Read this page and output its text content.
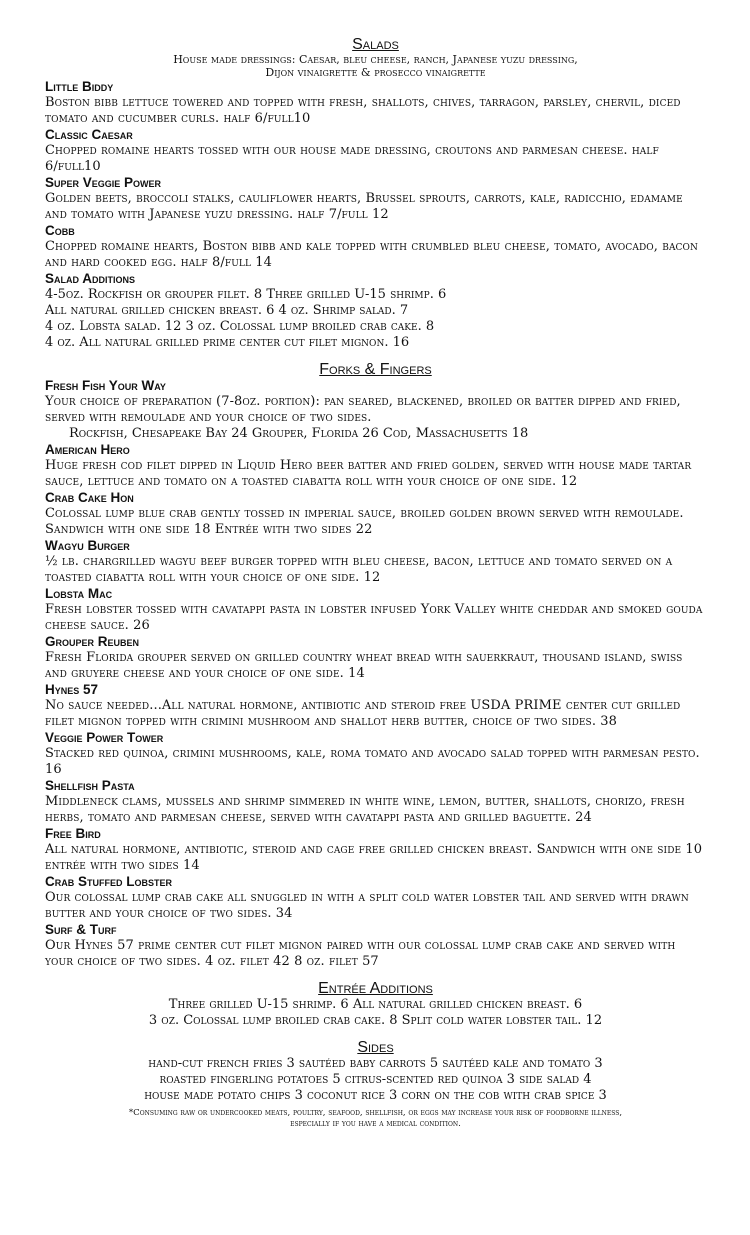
Salads

House made dressings: Caesar, bleu cheese, ranch, Japanese yuzu dressing,

Dijon vinaigrette & prosecco vinaigrette

Little Biddy

Boston bibb lettuce towered and topped with fresh, shallots, chives, tarragon, parsley, chervil, diced tomato and cucumber curls. half 6/full10

Classic Caesar

Chopped romaine hearts tossed with our house made dressing, croutons and parmesan cheese. half 6/full10

Super Veggie Power

Golden beets, broccoli stalks, cauliflower hearts, Brussel sprouts, carrots, kale, radicchio, edamame and tomato with Japanese yuzu dressing. half 7/full 12

Cobb

Chopped romaine hearts, Boston bibb and kale topped with crumbled bleu cheese, tomato, avocado, bacon and hard cooked egg. half 8/full 14

Salad Additions

4-5oz. Rockfish or grouper filet. 8 Three grilled U-15 shrimp. 6

All natural grilled chicken breast. 6 4 oz. Shrimp salad. 7

4 oz. Lobsta salad. 12 3 oz. Colossal lump broiled crab cake. 8

4 oz. All natural grilled prime center cut filet mignon. 16

Forks & Fingers

Fresh Fish Your Way

Your choice of preparation (7-8oz. portion): pan seared, blackened, broiled or batter dipped and fried, served with remoulade and your choice of two sides.

Rockfish, Chesapeake Bay 24 Grouper, Florida 26 Cod, Massachusetts 18

American Hero

Huge fresh cod filet dipped in Liquid Hero beer batter and fried golden, served with house made tartar sauce, lettuce and tomato on a toasted ciabatta roll with your choice of one side. 12

Crab Cake Hon

Colossal lump blue crab gently tossed in imperial sauce, broiled golden brown served with remoulade. Sandwich with one side 18 Entrée with two sides 22

Wagyu Burger

½ lb. chargrilled wagyu beef burger topped with bleu cheese, bacon, lettuce and tomato served on a toasted ciabatta roll with your choice of one side. 12

Lobsta Mac

Fresh lobster tossed with cavatappi pasta in lobster infused York Valley white cheddar and smoked gouda cheese sauce. 26

Grouper Reuben

Fresh Florida grouper served on grilled country wheat bread with sauerkraut, thousand island, swiss and gruyere cheese and your choice of one side. 14

Hynes 57

No sauce needed...All natural hormone, antibiotic and steroid free USDA PRIME center cut grilled filet mignon topped with crimini mushroom and shallot herb butter, choice of two sides. 38

Veggie Power Tower

Stacked red quinoa, crimini mushrooms, kale, roma tomato and avocado salad topped with parmesan pesto. 16

Shellfish Pasta

Middleneck clams, mussels and shrimp simmered in white wine, lemon, butter, shallots, chorizo, fresh herbs, tomato and parmesan cheese, served with cavatappi pasta and grilled baguette. 24

Free Bird

All natural hormone, antibiotic, steroid and cage free grilled chicken breast. Sandwich with one side 10 entrée with two sides 14

Crab Stuffed Lobster

Our colossal lump crab cake all snuggled in with a split cold water lobster tail and served with drawn butter and your choice of two sides. 34

Surf & Turf

Our Hynes 57 prime center cut filet mignon paired with our colossal lump crab cake and served with your choice of two sides. 4 oz. filet 42 8 oz. filet 57

Entrée Additions

Three grilled U-15 shrimp. 6 All natural grilled chicken breast. 6

3 oz. Colossal lump broiled crab cake. 8 Split cold water lobster tail. 12

Sides

hand-cut french fries 3 sautéed baby carrots 5 sautéed kale and tomato 3

roasted fingerling potatoes 5 citrus-scented red quinoa 3 side salad 4

house made potato chips 3 coconut rice 3 corn on the cob with crab spice 3

*Consuming raw or undercooked meats, poultry, seafood, shellfish, or eggs may increase your risk of foodborne illness,

especially if you have a medical condition.
